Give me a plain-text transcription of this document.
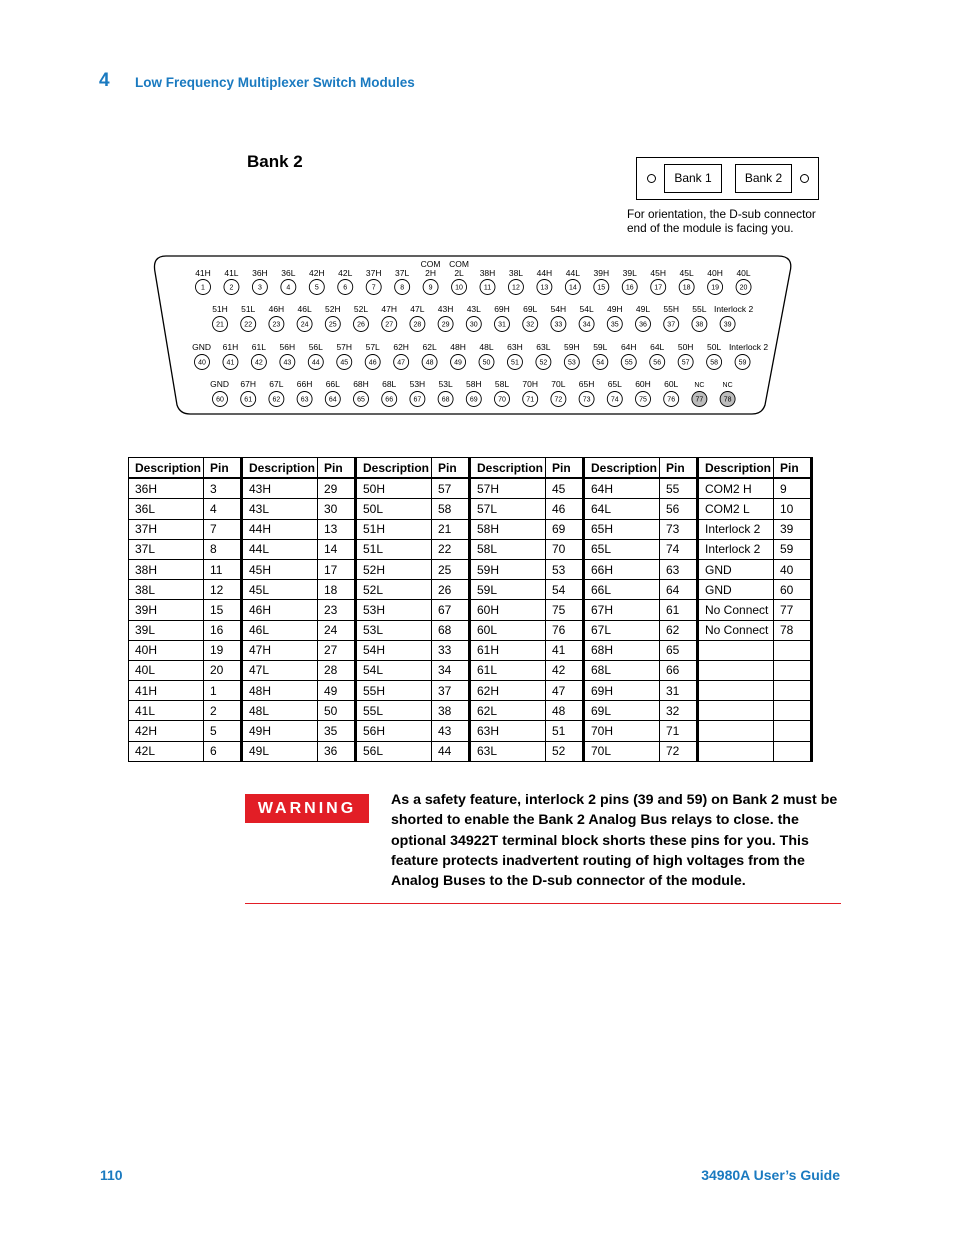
4 Low Frequency Multiplexer Switch Modules
Bank 2
Bank 1	Bank 2
For orientation, the D-sub connector end of the module is facing you.
1
41H
2
41L
3
36H
4
36L
5
42H
6
42L
7
37H
8
37L
9
2H
10
2L
11
38H
12
38L
13
44H
14
44L
15
39H
16
39L
17
45H
18
45L
19
40H
20
40L
COM COM
21
51H
22
51L
23
46H
24
46L
25
52H
26
52L
27
47H
28
47L
29
43H
30
43L
31
69H
32
69L
33
54H
34
54L
35
49H
36
49L
37
55H
38
55L
39
Interlock 2
40
GND
41
61H
42
61L
43
56H
44
56L
45
57H
46
57L
47
62H
48
62L
49
48H
50
48L
51
63H
52
63L
53
59H
54
59L
55
64H
56
64L
57
50H
58
50L
59
Interlock 2
60
GND
61
67H
62
67L
63
66H
64
66L
65
68H
66
68L
67
53H
68
53L
69
58H
70
58L
71
70H
72
70L
73
65H
74
65L
75
60H
76
60L
77
NC
78
NC
Description	Pin	Description	Pin	Description	Pin	Description	Pin	Description	Pin	Description	Pin
36H	3	43H	29	50H	57	57H	45	64H	55	COM2 H	9
36L	4	43L	30	50L	58	57L	46	64L	56	COM2 L	10
37H	7	44H	13	51H	21	58H	69	65H	73	Interlock 2	39
37L	8	44L	14	51L	22	58L	70	65L	74	Interlock 2	59
38H	11	45H	17	52H	25	59H	53	66H	63	GND	40
38L	12	45L	18	52L	26	59L	54	66L	64	GND	60
39H	15	46H	23	53H	67	60H	75	67H	61	No Connect	77
39L	16	46L	24	53L	68	60L	76	67L	62	No Connect	78
40H	19	47H	27	54H	33	61H	41	68H	65		
40L	20	47L	28	54L	34	61L	42	68L	66		
41H	1	48H	49	55H	37	62H	47	69H	31		
41L	2	48L	50	55L	38	62L	48	69L	32		
42H	5	49H	35	56H	43	63H	51	70H	71		
42L	6	49L	36	56L	44	63L	52	70L	72		
WARNING	As a safety feature, interlock 2 pins (39 and 59) on Bank 2 must be shorted to enable the Bank 2 Analog Bus relays to close. the optional 34922T terminal block shorts these pins for you. This feature protects inadvertent routing of high voltages from the Analog Buses to the D-sub connector of the module.
110	34980A User’s Guide
